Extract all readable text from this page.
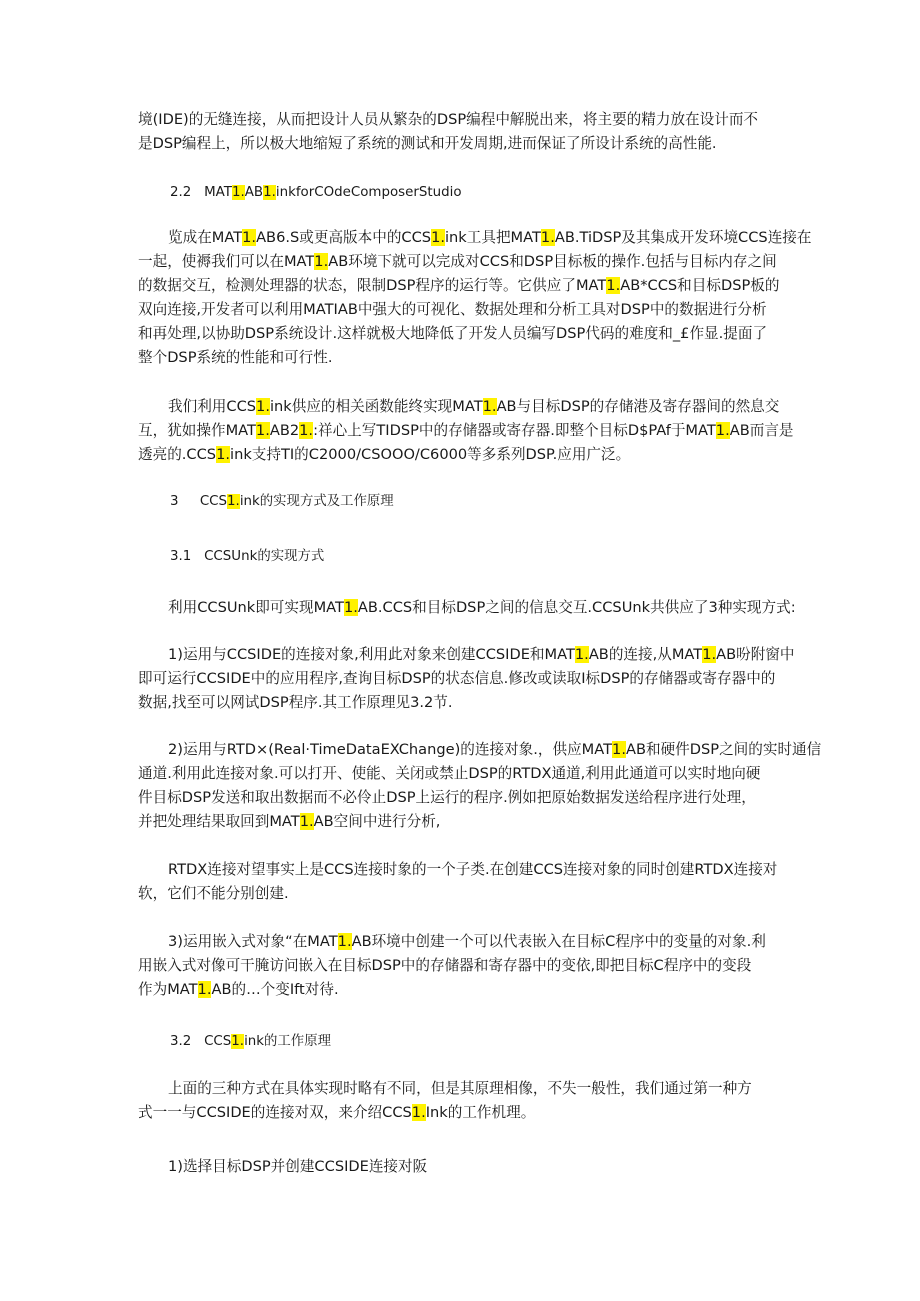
境(IDE)的无缝连接，从而把设计人员从繁杂的DSP编程中解脱出来，将主要的精力放在设计而不
是DSP编程上，所以极大地缩短了系统的测试和开发周期,进而保证了所设计系统的高性能.
2.2 MAT1.AB1.inkforCOdeComposerStudio
览成在MAT1.AB6.S或更高版本中的CCS1.ink工具把MAT1.AB.TiDSP及其集成开发环境CCS连接在
一起，使褥我们可以在MAT1.AB环境下就可以完成对CCS和DSP目标板的操作.包括与目标内存之间
的数据交互，检测处理器的状态，限制DSP程序的运行等。它供应了MAT1.AB*CCS和目标DSP板的
双向连接,开发者可以利用MATIAB中强大的可视化、数据处理和分析工具对DSP中的数据进行分析
和再处理,以协助DSP系统设计.这样就极大地降低了开发人员编写DSP代码的难度和_£作显.提面了
整个DSP系统的性能和可行性.
我们利用CCS1.ink供应的相关函数能终实现MAT1.AB与目标DSP的存储港及寄存器间的然息交
互，犹如操作MAT1.AB21.:祥心上写TIDSP中的存储器或寄存器.即整个目标D$PAf于MAT1.AB而言是
透亮的.CCS1.ink支持TI的C2000/CSOOO/C6000等多系列DSP.应用广泛。
3 CCS1.ink的实现方式及工作原理
3.1 CCSUnk的实现方式
利用CCSUnk即可实现MAT1.AB.CCS和目标DSP之间的信息交互.CCSUnk共供应了3种实现方式:
1)运用与CCSIDE的连接对象,利用此对象来创建CCSIDE和MAT1.AB的连接,从MAT1.AB吩附窗中
即可运行CCSIDE中的应用程序,查询目标DSP的状态信息.修改或读取I标DSP的存储器或寄存器中的
数据,找至可以网试DSP程序.其工作原理见3.2节.
2)运用与RTD×(Real·TimeDataEXChange)的连接对象.，供应MAT1.AB和硬件DSP之间的实时通信
通道.利用此连接对象.可以打开、使能、关闭或禁止DSP的RTDX通道,利用此通道可以实时地向硬
件目标DSP发送和取出数据而不必伶止DSP上运行的程序.例如把原始数据发送给程序进行处理，
并把处理结果取回到MAT1.AB空间中进行分析,
RTDX连接对望事实上是CCS连接时象的一个子类.在创建CCS连接对象的同时创建RTDX连接对
软，它们不能分别创建.
3)运用嵌入式对象“在MAT1.AB环境中创建一个可以代表嵌入在目标C程序中的变量的对象.利
用嵌入式对像可干腌访问嵌入在目标DSP中的存储器和寄存器中的变依,即把目标C程序中的变段
作为MAT1.AB的…个变Ift对待.
3.2 CCS1.ink的工作原理
上面的三种方式在具体实现时略有不同，但是其原理相像，不失一般性，我们通过第一种方
式一一与CCSIDE的连接对双，来介绍CCS1.Ink的工作机理。
1)选择目标DSP并创建CCSIDE连接对阪
